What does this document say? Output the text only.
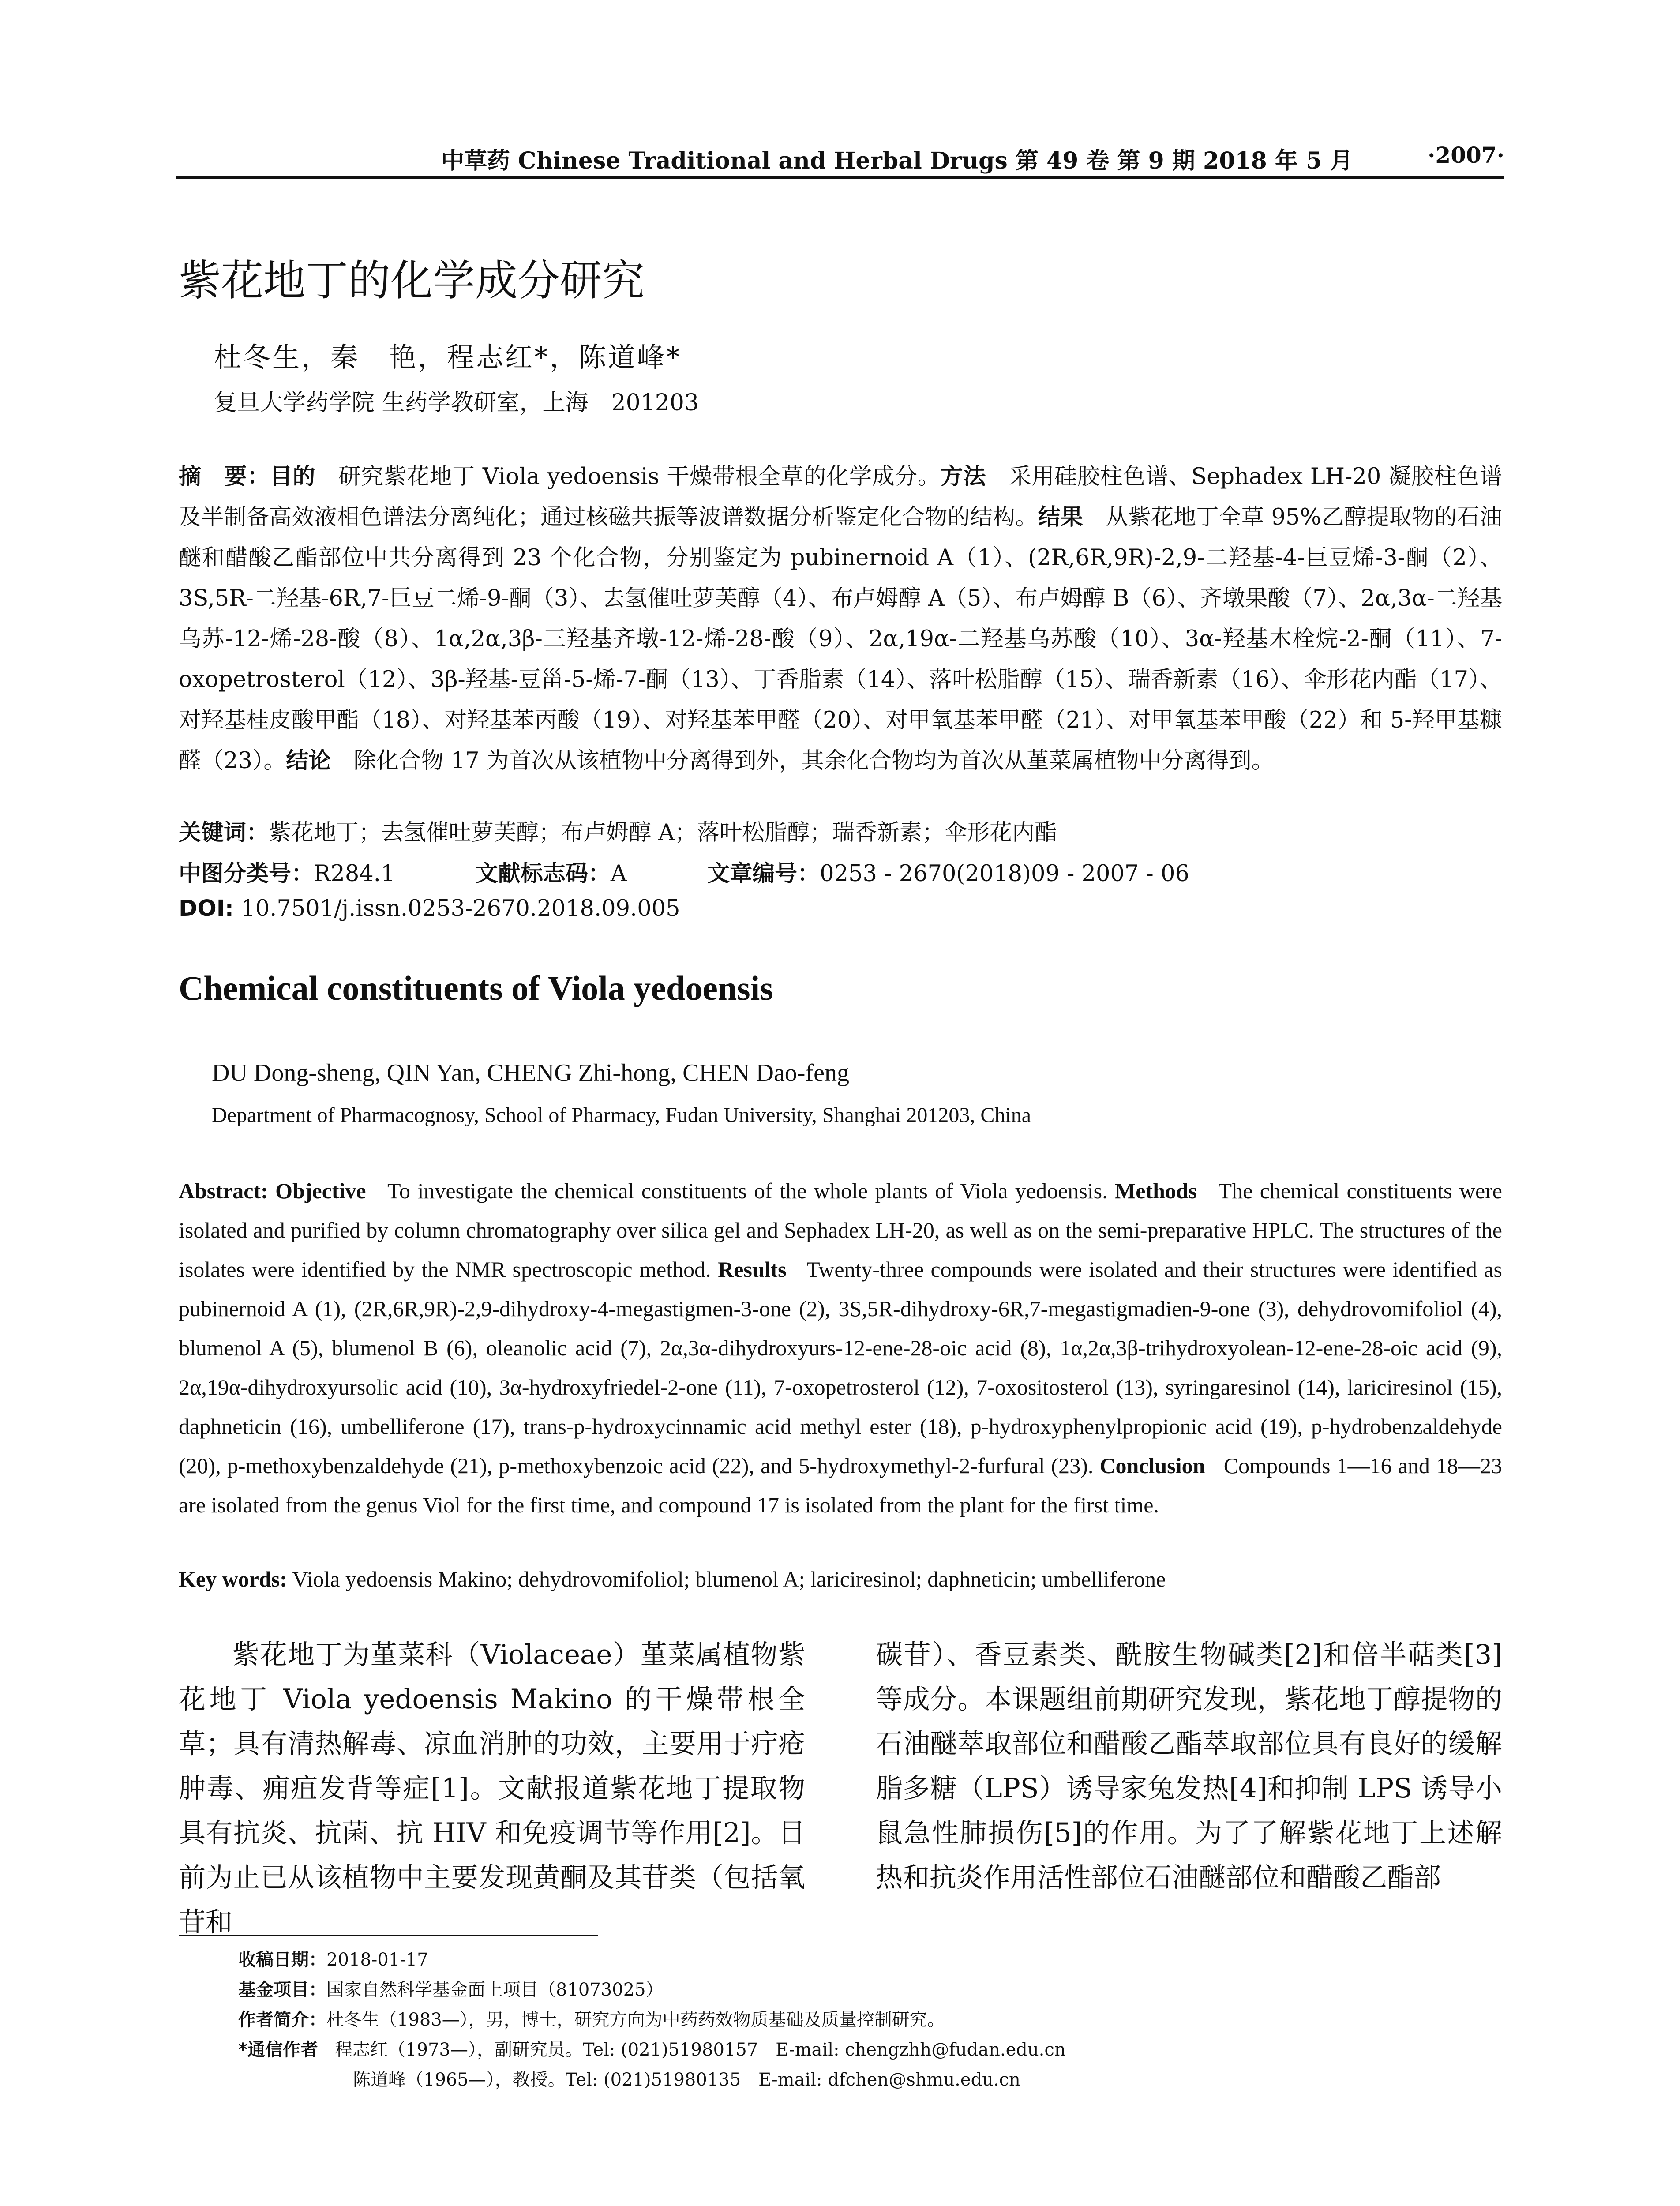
中草药 Chinese Traditional and Herbal Drugs 第 49 卷 第 9 期 2018 年 5 月	·2007·
紫花地丁的化学成分研究
杜冬生，秦　艳，程志红*，陈道峰*
复旦大学药学院 生药学教研室，上海　201203
摘　要：目的　 研究紫花地丁 Viola yedoensis 干燥带根全草的化学成分。方法　 采用硅胶柱色谱、Sephadex LH-20 凝胶柱色谱及半制备高效液相色谱法分离纯化；通过核磁共振等波谱数据分析鉴定化合物的结构。结果　 从紫花地丁全草 95%乙醇提取物的石油醚和醋酸乙酯部位中共分离得到 23 个化合物，分别鉴定为 pubinernoid A（1）、(2R,6R,9R)-2,9-二羟基-4-巨豆烯-3-酮（2）、3S,5R-二羟基-6R,7-巨豆二烯-9-酮（3）、去氢催吐萝芙醇（4）、布卢姆醇 A（5）、布卢姆醇 B（6）、齐墩果酸（7）、2α,3α-二羟基乌苏-12-烯-28-酸（8）、1α,2α,3β-三羟基齐墩-12-烯-28-酸（9）、2α,19α-二羟基乌苏酸（10）、3α-羟基木栓烷-2-酮（11）、7-oxopetrosterol（12）、3β-羟基-豆甾-5-烯-7-酮（13）、丁香脂素（14）、落叶松脂醇（15）、瑞香新素（16）、伞形花内酯（17）、对羟基桂皮酸甲酯（18）、对羟基苯丙酸（19）、对羟基苯甲醛（20）、对甲氧基苯甲醛（21）、对甲氧基苯甲酸（22）和 5-羟甲基糠醛（23）。结论　 除化合物 17 为首次从该植物中分离得到外，其余化合物均为首次从堇菜属植物中分离得到。
关键词：紫花地丁；去氢催吐萝芙醇；布卢姆醇 A；落叶松脂醇；瑞香新素；伞形花内酯
中图分类号：R284.1	文献标志码：A	文章编号：0253 - 2670(2018)09 - 2007 - 06
DOI: 10.7501/j.issn.0253-2670.2018.09.005
Chemical constituents of Viola yedoensis
DU Dong-sheng, QIN Yan, CHENG Zhi-hong, CHEN Dao-feng
Department of Pharmacognosy, School of Pharmacy, Fudan University, Shanghai 201203, China
Abstract: Objective To investigate the chemical constituents of the whole plants of Viola yedoensis. Methods The chemical constituents were isolated and purified by column chromatography over silica gel and Sephadex LH-20, as well as on the semi-preparative HPLC. The structures of the isolates were identified by the NMR spectroscopic method. Results Twenty-three compounds were isolated and their structures were identified as pubinernoid A (1), (2R,6R,9R)-2,9-dihydroxy-4-megastigmen-3-one (2), 3S,5R-dihydroxy-6R,7-megastigmadien-9-one (3), dehydrovomifoliol (4), blumenol A (5), blumenol B (6), oleanolic acid (7), 2α,3α-dihydroxyurs-12-ene-28-oic acid (8), 1α,2α,3β-trihydroxyolean-12-ene-28-oic acid (9), 2α,19α-dihydroxyursolic acid (10), 3α-hydroxyfriedel-2-one (11), 7-oxopetrosterol (12), 7-oxositosterol (13), syringaresinol (14), lariciresinol (15), daphneticin (16), umbelliferone (17), trans-p-hydroxycinnamic acid methyl ester (18), p-hydroxyphenylpropionic acid (19), p-hydrobenzaldehyde (20), p-methoxybenzaldehyde (21), p-methoxybenzoic acid (22), and 5-hydroxymethyl-2-furfural (23). Conclusion Compounds 1—16 and 18—23 are isolated from the genus Viol for the first time, and compound 17 is isolated from the plant for the first time.
Key words: Viola yedoensis Makino; dehydrovomifoliol; blumenol A; lariciresinol; daphneticin; umbelliferone
紫花地丁为堇菜科（Violaceae）堇菜属植物紫花地丁 Viola yedoensis Makino 的干燥带根全草；具有清热解毒、凉血消肿的功效，主要用于疔疮肿毒、痈疽发背等症[1]。文献报道紫花地丁提取物具有抗炎、抗菌、抗 HIV 和免疫调节等作用[2]。目前为止已从该植物中主要发现黄酮及其苷类（包括氧苷和
碳苷）、香豆素类、酰胺生物碱类[2]和倍半萜类[3]等成分。本课题组前期研究发现，紫花地丁醇提物的石油醚萃取部位和醋酸乙酯萃取部位具有良好的缓解脂多糖（LPS）诱导家兔发热[4]和抑制 LPS 诱导小鼠急性肺损伤[5]的作用。为了了解紫花地丁上述解热和抗炎作用活性部位石油醚部位和醋酸乙酯部
收稿日期：2018-01-17
基金项目：国家自然科学基金面上项目（81073025）
作者简介：杜冬生（1983—），男，博士，研究方向为中药药效物质基础及质量控制研究。
*通信作者 程志红（1973—），副研究员。Tel: (021)51980157　E-mail: chengzhh@fudan.edu.cn
陈道峰（1965—），教授。Tel: (021)51980135　E-mail: dfchen@shmu.edu.cn
